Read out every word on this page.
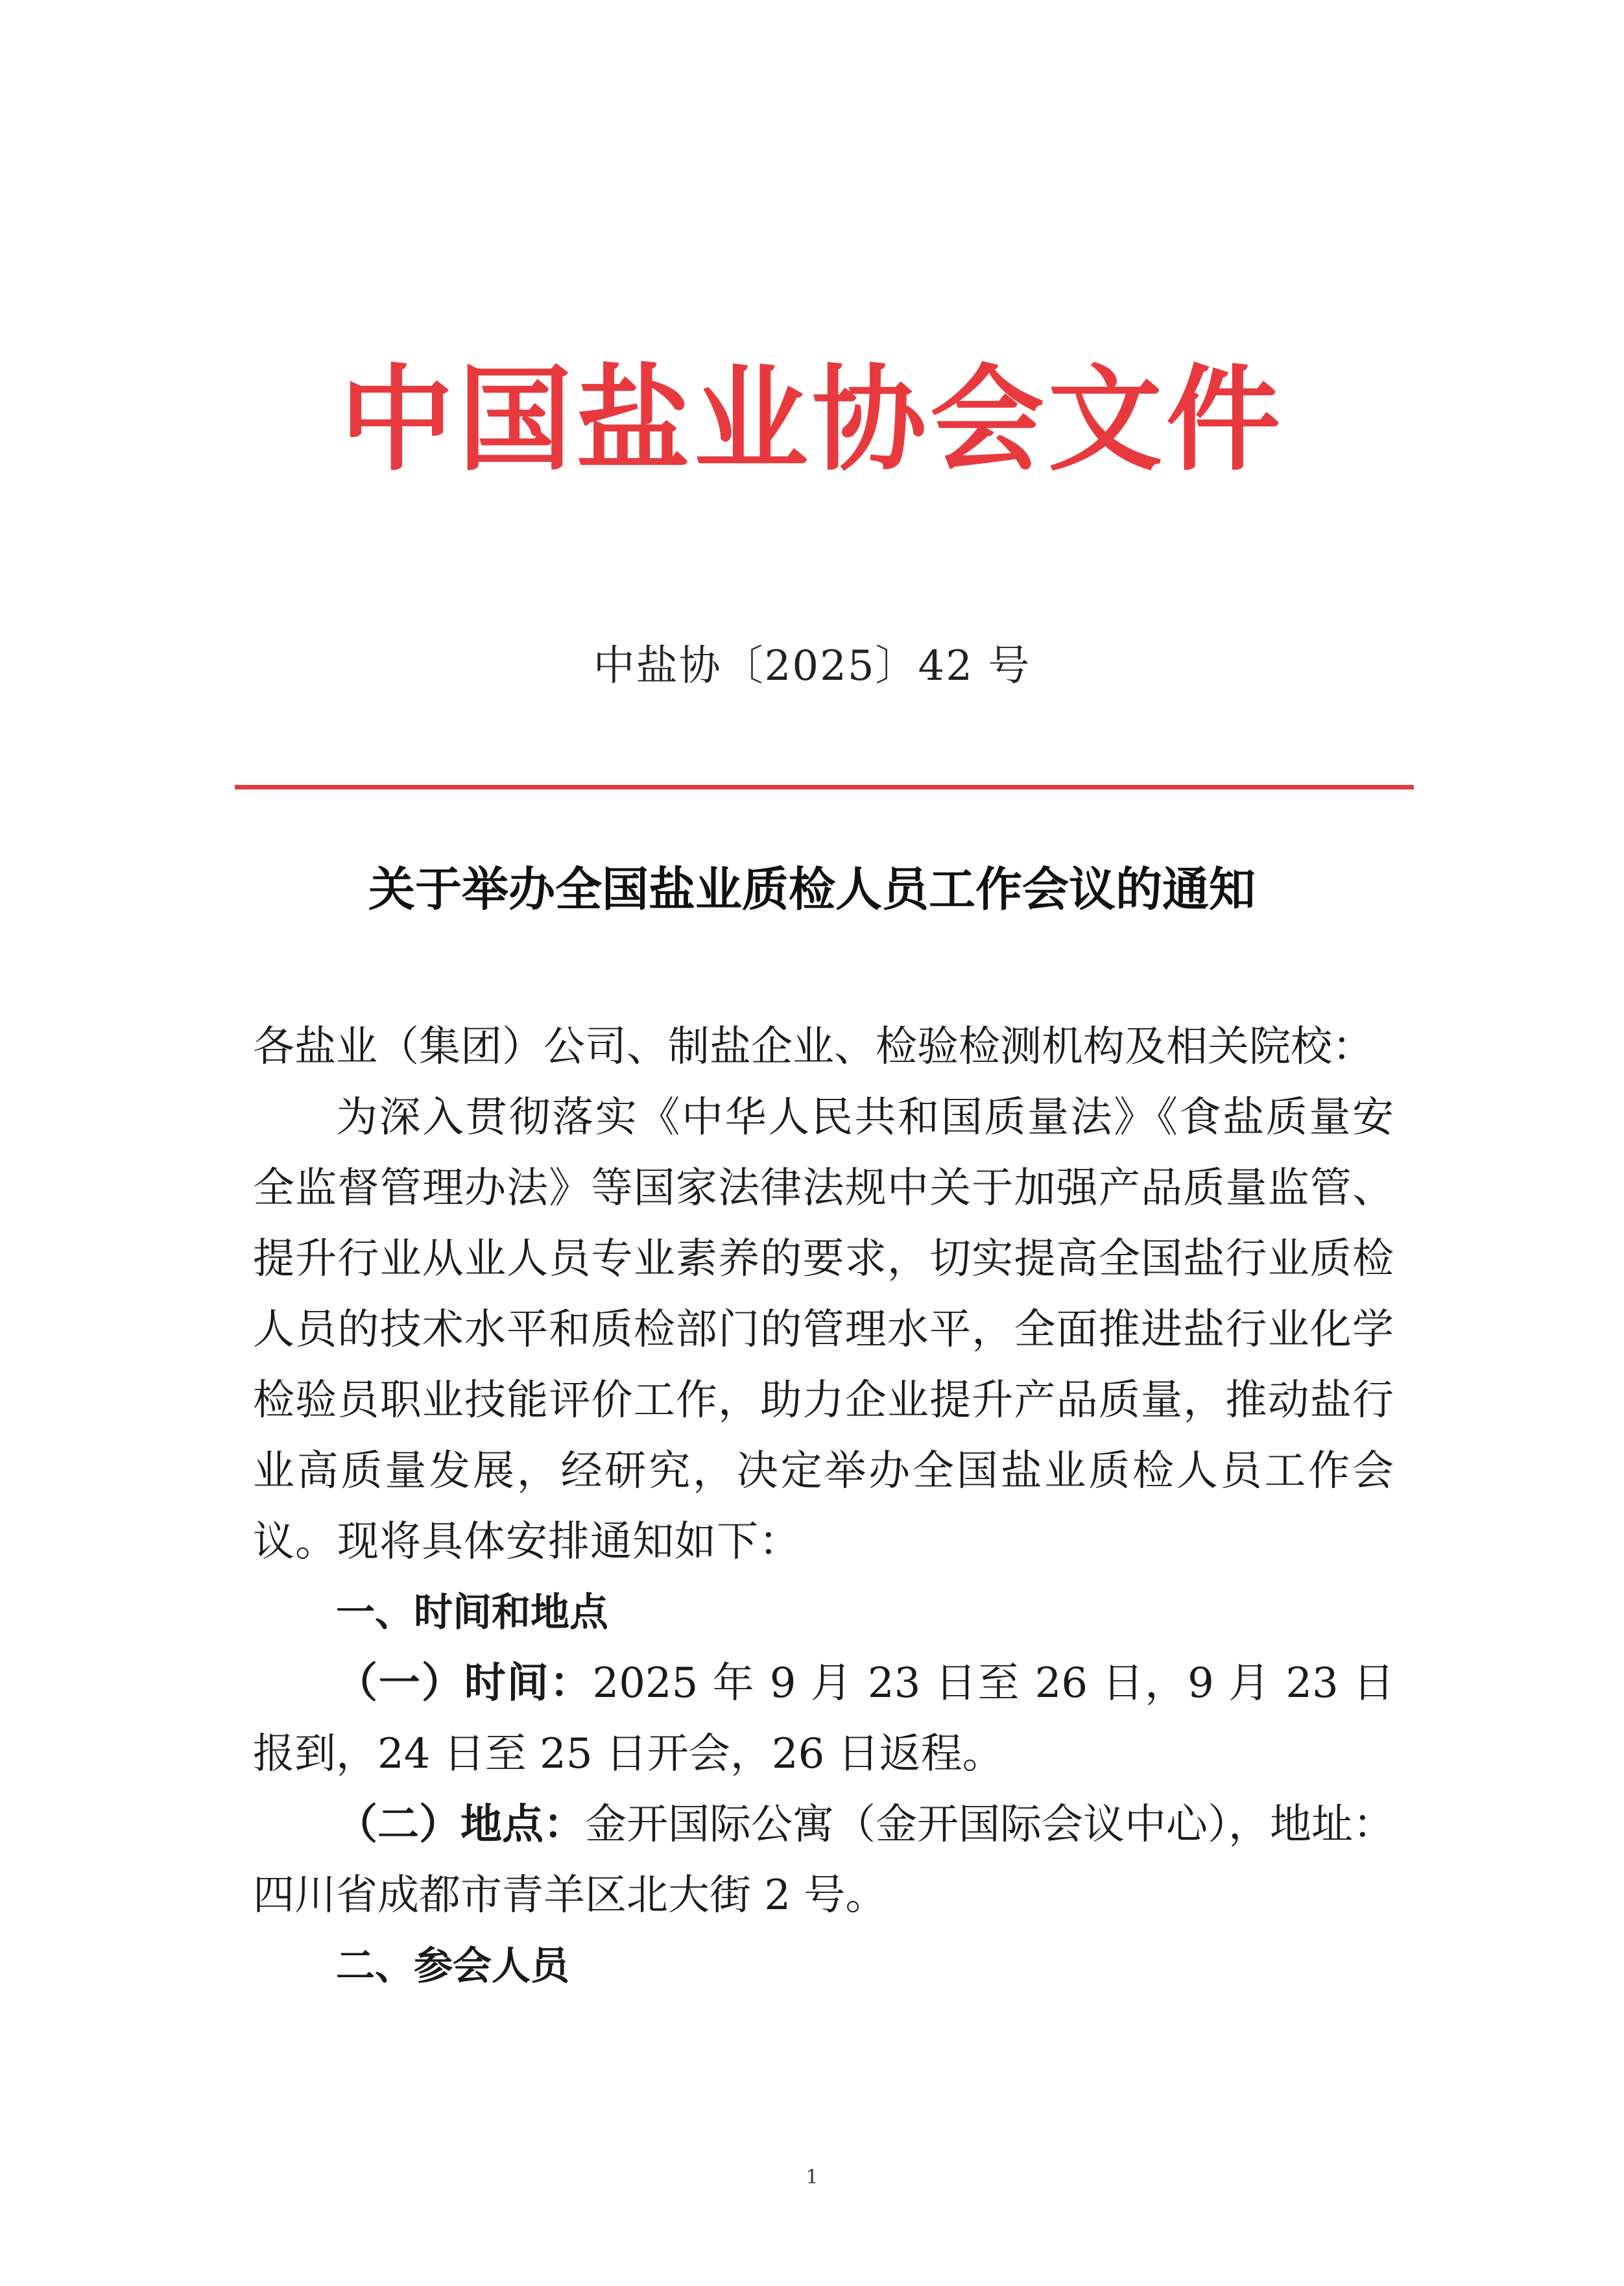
中国盐业协会文件
中盐协〔2025〕42 号
关于举办全国盐业质检人员工作会议的通知

各盐业（集团）公司、制盐企业、检验检测机构及相关院校：

为深入贯彻落实《中华人民共和国质量法》《食盐质量安全监督管理办法》等国家法律法规中关于加强产品质量监管、提升行业从业人员专业素养的要求，切实提高全国盐行业质检人员的技术水平和质检部门的管理水平，全面推进盐行业化学检验员职业技能评价工作，助力企业提升产品质量，推动盐行业高质量发展，经研究，决定举办全国盐业质检人员工作会议。现将具体安排通知如下：

一、时间和地点

（一）时间：2025 年 9 月 23 日至 26 日，9 月 23 日报到，24 日至 25 日开会，26 日返程。

（二）地点：金开国际公寓（金开国际会议中心），地址：四川省成都市青羊区北大街 2 号。

二、参会人员

1
